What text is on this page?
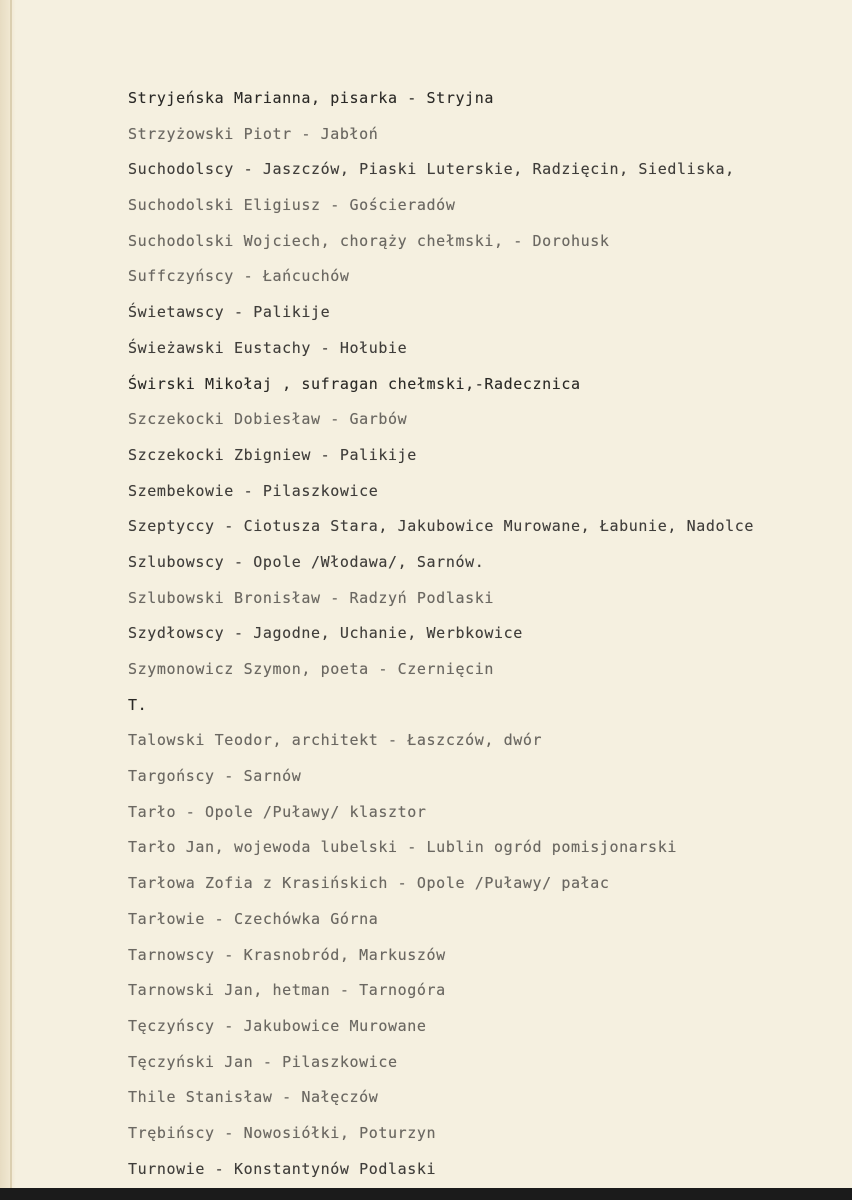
Stryjeńska Marianna, pisarka - Stryjna
Strzyżowski Piotr - Jabłoń
Suchodolscy - Jaszczów, Piaski Luterskie, Radzięcin, Siedliska,
Suchodolski Eligiusz - Gościeradów
Suchodolski Wojciech, chorąży chełmski, - Dorohusk
Suffczyńscy - Łańcuchów
Świetawscy - Palikije
Świeżawski Eustachy - Hołubie
Świrski Mikołaj , sufragan chełmski,-Radecznica
Szczekocki Dobiesław - Garbów
Szczekocki Zbigniew - Palikije
Szembekowie - Pilaszkowice
Szeptyccy - Ciotusza Stara, Jakubowice Murowane, Łabunie, Nadolce
Szlubowscy - Opole /Włodawa/, Sarnów.
Szlubowski Bronisław - Radzyń Podlaski
Szydłowscy - Jagodne, Uchanie, Werbkowice
Szymonowicz Szymon, poeta - Czernięcin
T.
Talowski Teodor, architekt - Łaszczów, dwór
Targońscy - Sarnów
Tarło - Opole /Puławy/ klasztor
Tarło Jan, wojewoda lubelski - Lublin ogród pomisjonarski
Tarłowa Zofia z Krasińskich - Opole /Puławy/ pałac
Tarłowie - Czechówka Górna
Tarnowscy - Krasnobród, Markuszów
Tarnowski Jan, hetman - Tarnogóra
Tęczyńscy - Jakubowice Murowane
Tęczyński Jan - Pilaszkowice
Thile Stanisław - Nałęczów
Trębińscy - Nowosiółki, Poturzyn
Turnowie - Konstantynów Podlaski
